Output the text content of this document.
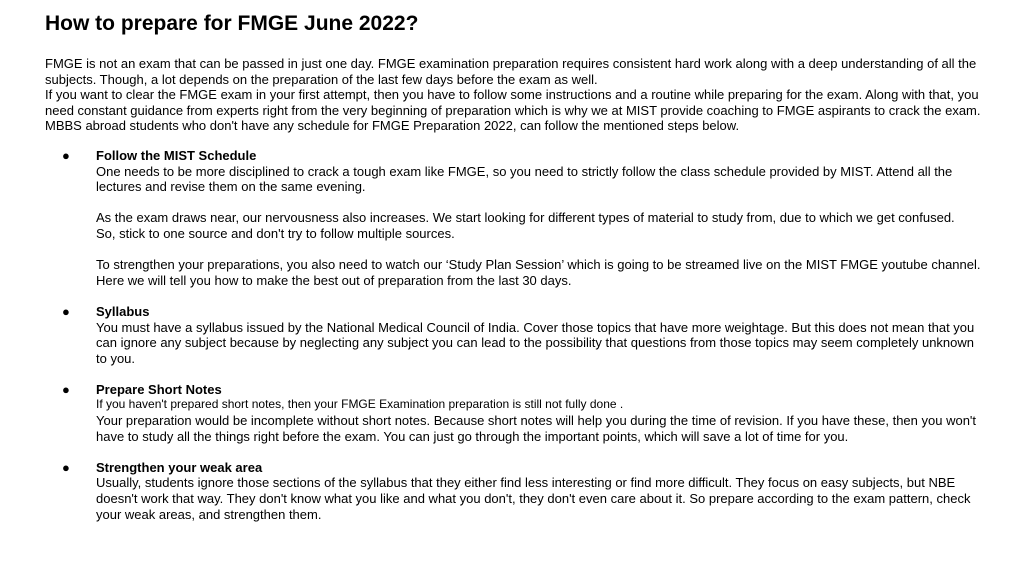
How to prepare for FMGE June 2022?

FMGE is not an exam that can be passed in just one day. FMGE examination preparation requires consistent hard work along with a deep understanding of all the subjects. Though, a lot depends on the preparation of the last few days before the exam as well.

If you want to clear the FMGE exam in your first attempt, then you have to follow some instructions and a routine while preparing for the exam. Along with that, you need constant guidance from experts right from the very beginning of preparation which is why we at MIST provide coaching to FMGE aspirants to crack the exam.

MBBS abroad students who don't have any schedule for FMGE Preparation 2022, can follow the mentioned steps below.

● Follow the MIST Schedule

One needs to be more disciplined to crack a tough exam like FMGE, so you need to strictly follow the class schedule provided by MIST. Attend all the lectures and revise them on the same evening.

As the exam draws near, our nervousness also increases. We start looking for different types of material to study from, due to which we get confused.

So, stick to one source and don't try to follow multiple sources.

To strengthen your preparations, you also need to watch our ‘Study Plan Session’ which is going to be streamed live on the MIST FMGE youtube channel. Here we will tell you how to make the best out of preparation from the last 30 days.

● Syllabus

You must have a syllabus issued by the National Medical Council of India. Cover those topics that have more weightage. But this does not mean that you can ignore any subject because by neglecting any subject you can lead to the possibility that questions from those topics may seem completely unknown to you.

● Prepare Short Notes

If you haven't prepared short notes, then your FMGE Examination preparation is still not fully done .

Your preparation would be incomplete without short notes. Because short notes will help you during the time of revision. If you have these, then you won't have to study all the things right before the exam. You can just go through the important points, which will save a lot of time for you.

● Strengthen your weak area

Usually, students ignore those sections of the syllabus that they either find less interesting or find more difficult. They focus on easy subjects, but NBE doesn't work that way. They don't know what you like and what you don't, they don't even care about it. So prepare according to the exam pattern, check your weak areas, and strengthen them.
